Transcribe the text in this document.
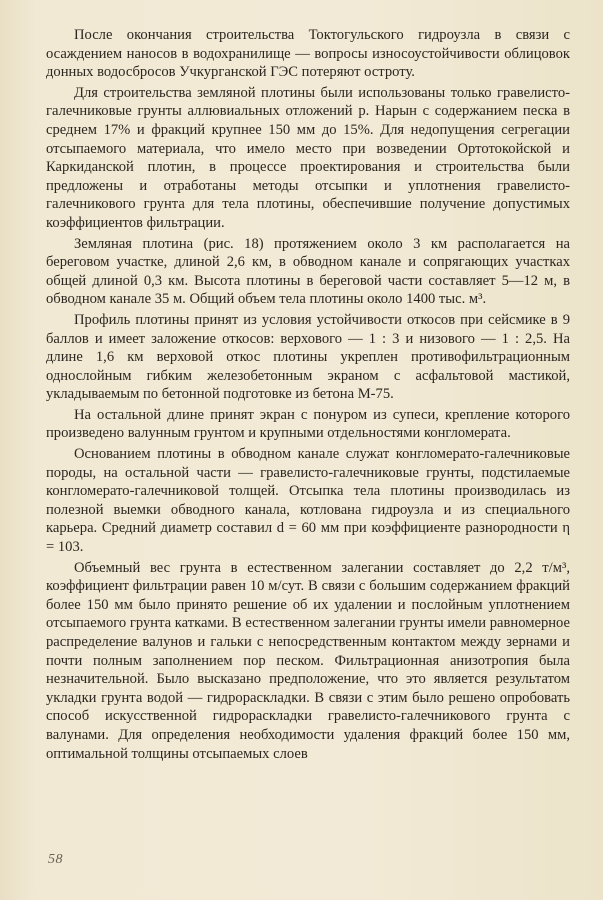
После окончания строительства Токтогульского гидроузла в связи с осаждением наносов в водохранилище — вопросы износоустойчивости облицовок донных водосбросов Учкурганской ГЭС потеряют остроту.

Для строительства земляной плотины были использованы только гравелисто-галечниковые грунты аллювиальных отложений р. Нарын с содержанием песка в среднем 17% и фракций крупнее 150 мм до 15%. Для недопущения сегрегации отсыпаемого материала, что имело место при возведении Ортотокойской и Каркиданской плотин, в процессе проектирования и строительства были предложены и отработаны методы отсыпки и уплотнения гравелисто-галечникового грунта для тела плотины, обеспечившие получение допустимых коэффициентов фильтрации.

Земляная плотина (рис. 18) протяжением около 3 км располагается на береговом участке, длиной 2,6 км, в обводном канале и сопрягающих участках общей длиной 0,3 км. Высота плотины в береговой части составляет 5—12 м, в обводном канале 35 м. Общий объем тела плотины около 1400 тыс. м³.

Профиль плотины принят из условия устойчивости откосов при сейсмике в 9 баллов и имеет заложение откосов: верхового — 1 : 3 и низового — 1 : 2,5. На длине 1,6 км верховой откос плотины укреплен противофильтрационным однослойным гибким железобетонным экраном с асфальтовой мастикой, укладываемым по бетонной подготовке из бетона М-75.

На остальной длине принят экран с понуром из супеси, крепление которого произведено валунным грунтом и крупными отдельностями конгломерата.

Основанием плотины в обводном канале служат конгломерато-галечниковые породы, на остальной части — гравелисто-галечниковые грунты, подстилаемые конгломерато-галечниковой толщей. Отсыпка тела плотины производилась из полезной выемки обводного канала, котлована гидроузла и из специального карьера. Средний диаметр составил d = 60 мм при коэффициенте разнородности η = 103.

Объемный вес грунта в естественном залегании составляет до 2,2 т/м³, коэффициент фильтрации равен 10 м/сут. В связи с большим содержанием фракций более 150 мм было принято решение об их удалении и послойным уплотнением отсыпаемого грунта катками. В естественном залегании грунты имели равномерное распределение валунов и гальки с непосредственным контактом между зернами и почти полным заполнением пор песком. Фильтрационная анизотропия была незначительной. Было высказано предположение, что это является результатом укладки грунта водой — гидрораскладки. В связи с этим было решено опробовать способ искусственной гидрораскладки гравелисто-галечникового грунта с валунами. Для определения необходимости удаления фракций более 150 мм, оптимальной толщины отсыпаемых слоев

58
